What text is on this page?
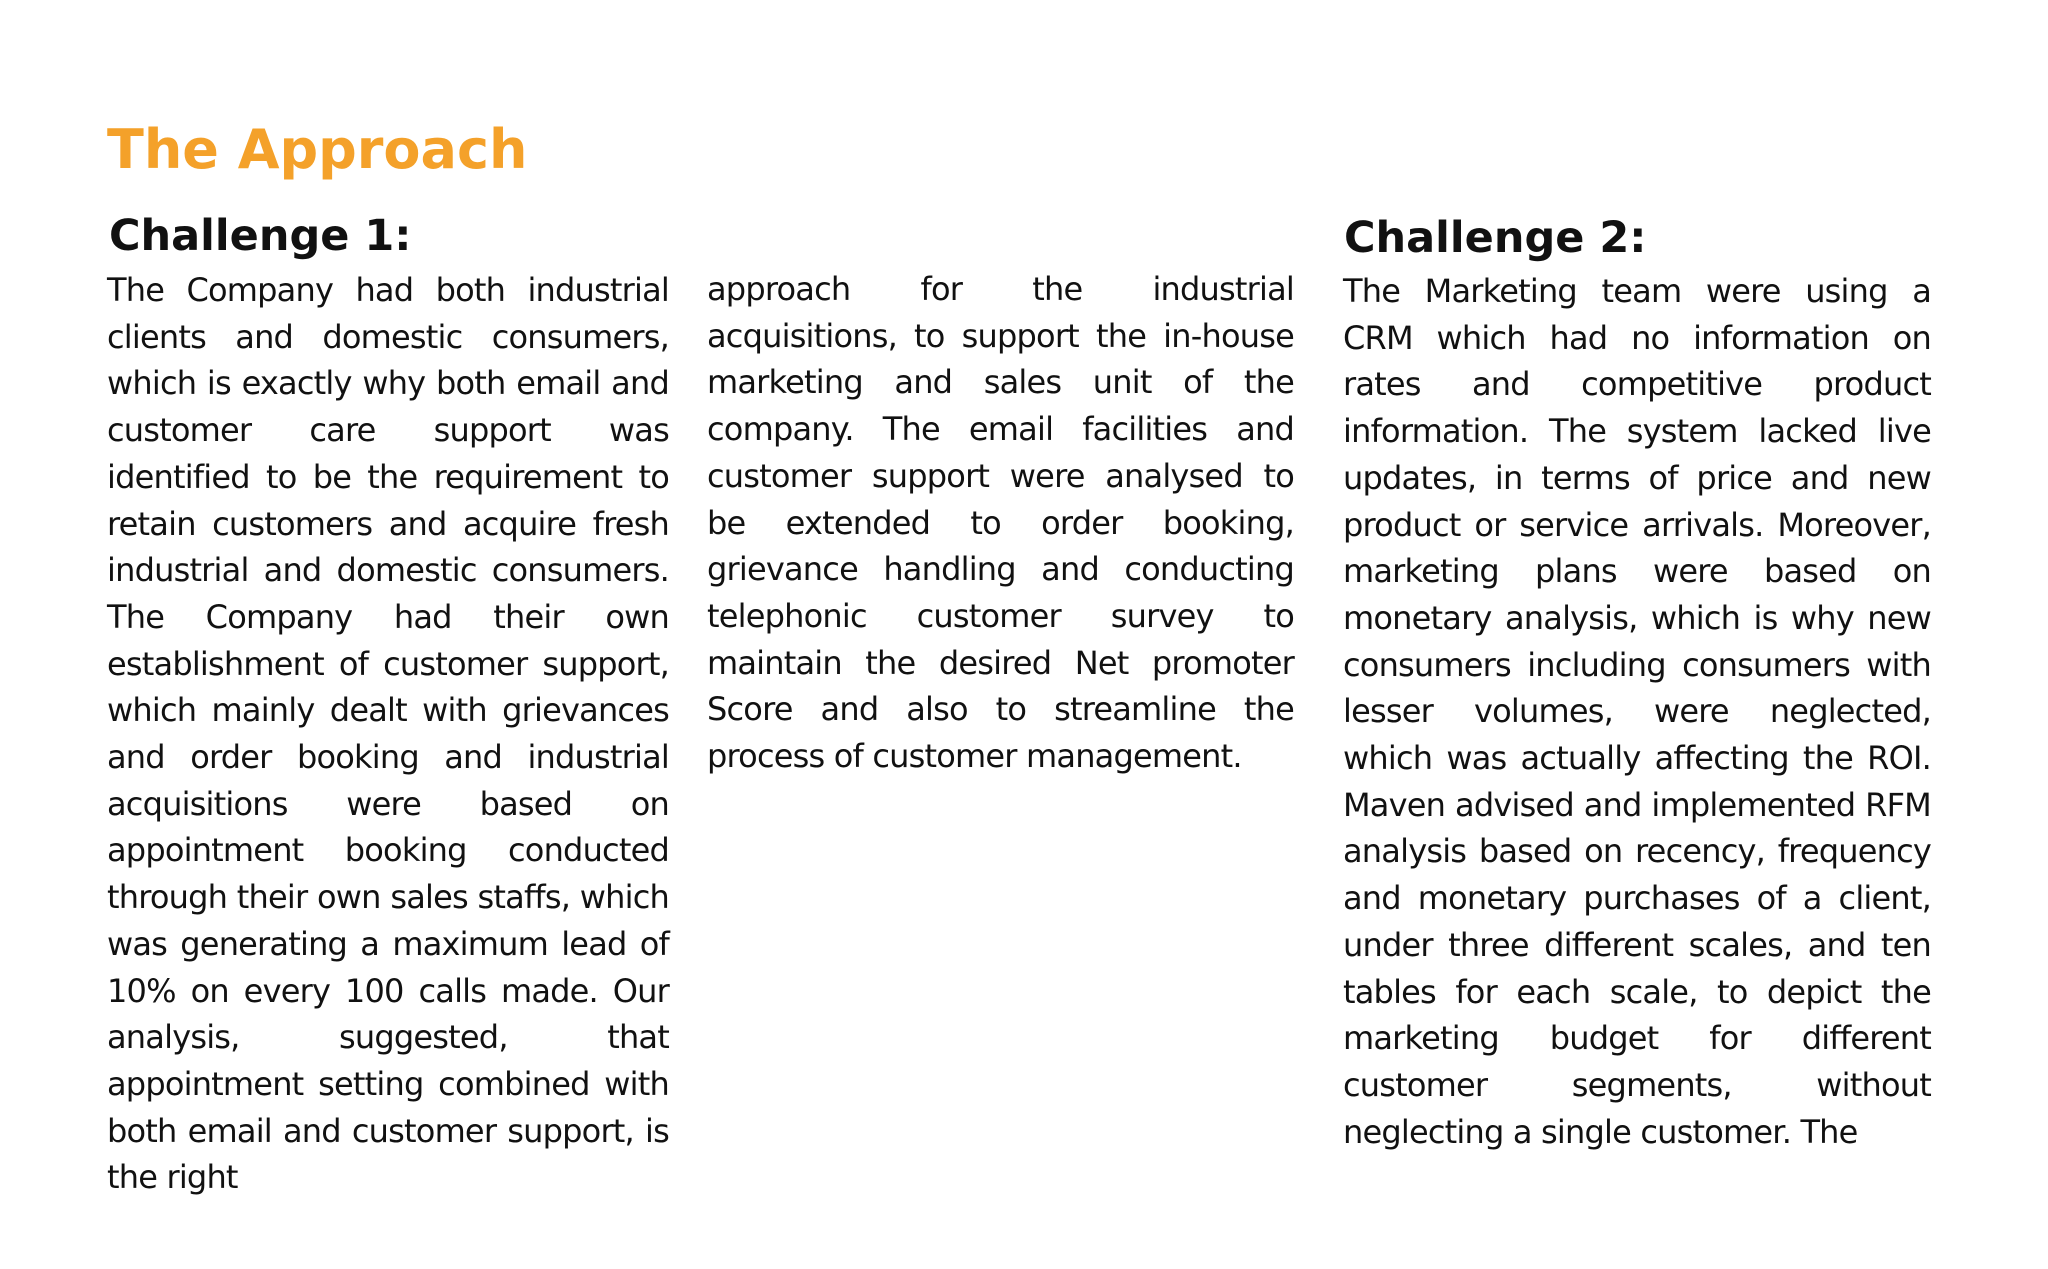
The Approach
Challenge 1:

The Company had both industrial clients and domestic consumers, which is exactly why both email and customer care support was identified to be the requirement to retain customers and acquire fresh industrial and domestic consumers. The Company had their own establishment of customer support, which mainly dealt with grievances and order booking and industrial acquisitions were based on appointment booking conducted through their own sales staffs, which was generating a maximum lead of 10% on every 100 calls made. Our analysis, suggested, that appointment setting combined with both email and customer support, is the right

approach for the industrial acquisitions, to support the in-house marketing and sales unit of the company. The email facilities and customer support were analysed to be extended to order booking, grievance handling and conducting telephonic customer survey to maintain the desired Net promoter Score and also to streamline the process of customer management.

Challenge 2:

The Marketing team were using a CRM which had no information on rates and competitive product information. The system lacked live updates, in terms of price and new product or service arrivals. Moreover, marketing plans were based on monetary analysis, which is why new consumers including consumers with lesser volumes, were neglected, which was actually affecting the ROI. Maven advised and implemented RFM analysis based on recency, frequency and monetary purchases of a client, under three different scales, and ten tables for each scale, to depict the marketing budget for different customer segments, without neglecting a single customer. The
